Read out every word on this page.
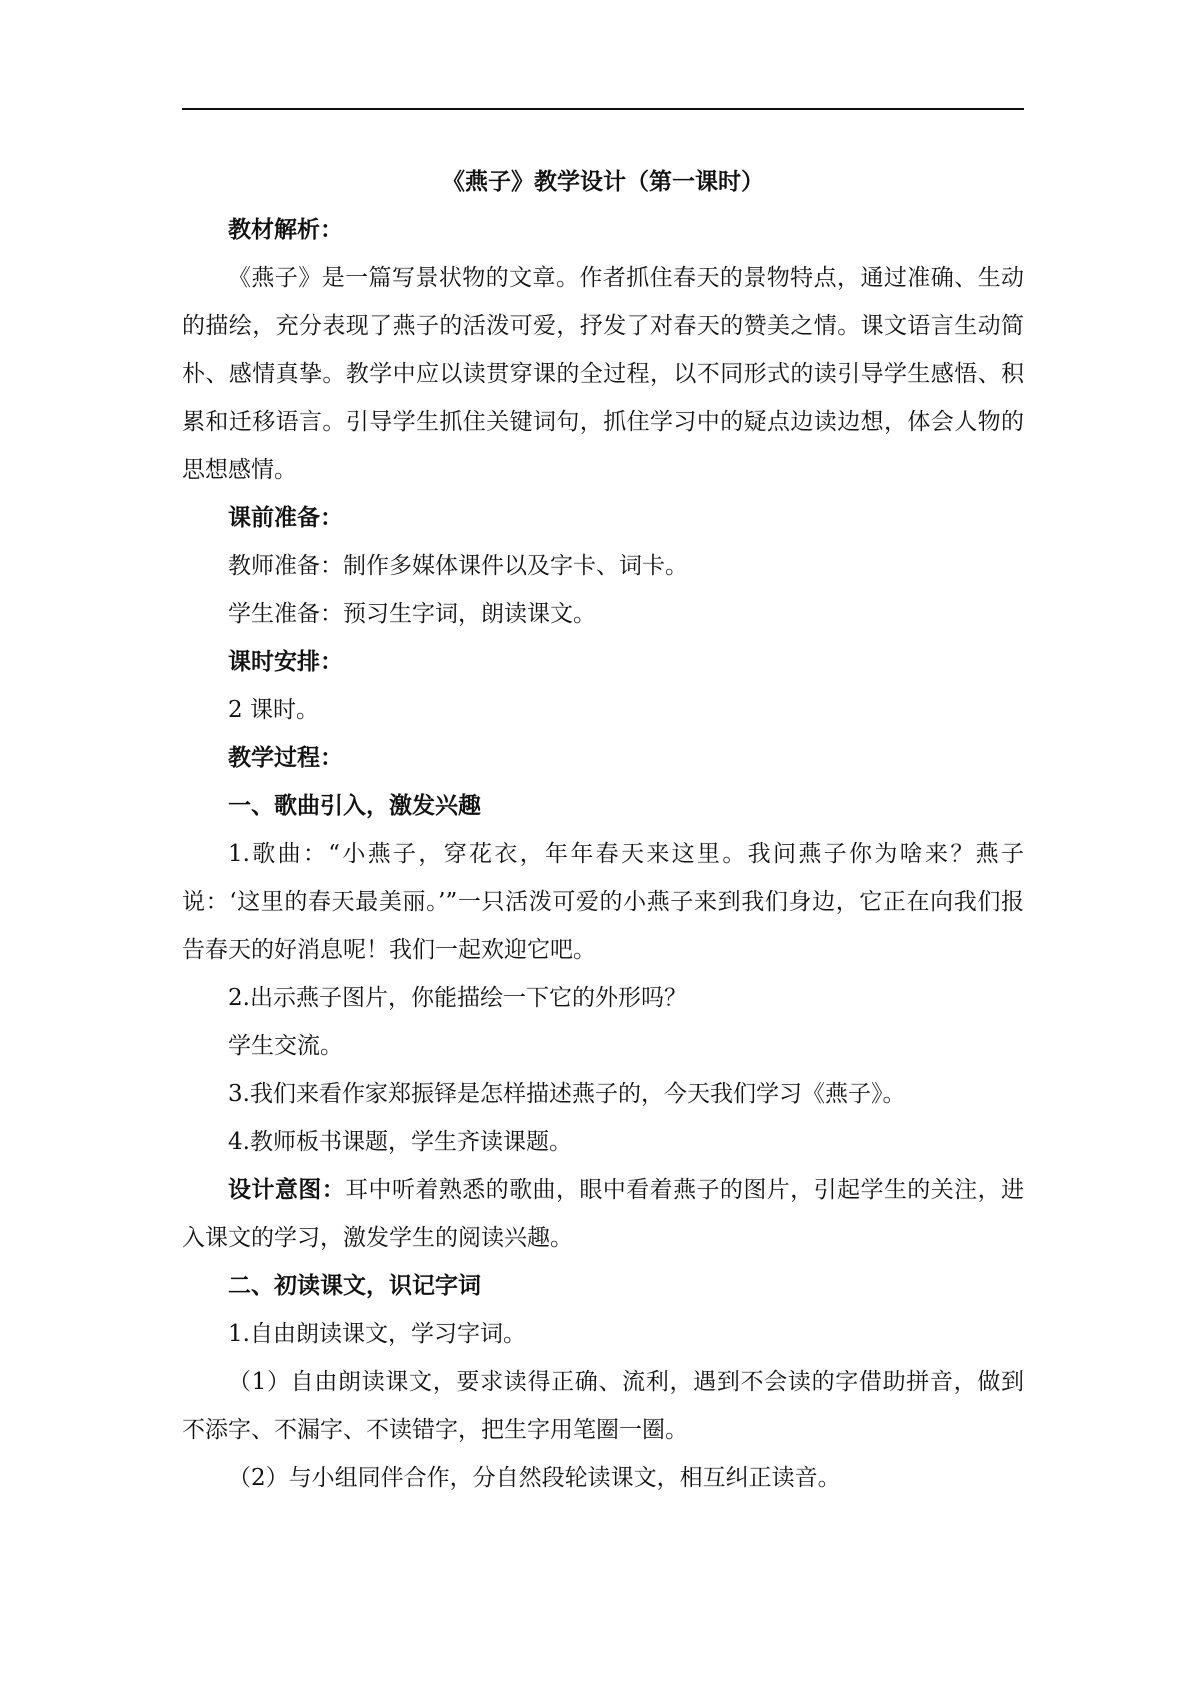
《燕子》教学设计（第一课时）

教材解析：

《燕子》是一篇写景状物的文章。作者抓住春天的景物特点，通过准确、生动的描绘，充分表现了燕子的活泼可爱，抒发了对春天的赞美之情。课文语言生动简朴、感情真挚。教学中应以读贯穿课的全过程，以不同形式的读引导学生感悟、积累和迁移语言。引导学生抓住关键词句，抓住学习中的疑点边读边想，体会人物的思想感情。

课前准备：

教师准备：制作多媒体课件以及字卡、词卡。

学生准备：预习生字词，朗读课文。

课时安排：

2 课时。

教学过程：

一、歌曲引入，激发兴趣

1.歌曲：“小燕子，穿花衣，年年春天来这里。我问燕子你为啥来？燕子说：‘这里的春天最美丽。’”一只活泼可爱的小燕子来到我们身边，它正在向我们报告春天的好消息呢！我们一起欢迎它吧。

2.出示燕子图片，你能描绘一下它的外形吗？

学生交流。

3.我们来看作家郑振铎是怎样描述燕子的，今天我们学习《燕子》。

4.教师板书课题，学生齐读课题。

设计意图：耳中听着熟悉的歌曲，眼中看着燕子的图片，引起学生的关注，进入课文的学习，激发学生的阅读兴趣。

二、初读课文，识记字词

1.自由朗读课文，学习字词。

（1）自由朗读课文，要求读得正确、流利，遇到不会读的字借助拼音，做到不添字、不漏字、不读错字，把生字用笔圈一圈。

（2）与小组同伴合作，分自然段轮读课文，相互纠正读音。
